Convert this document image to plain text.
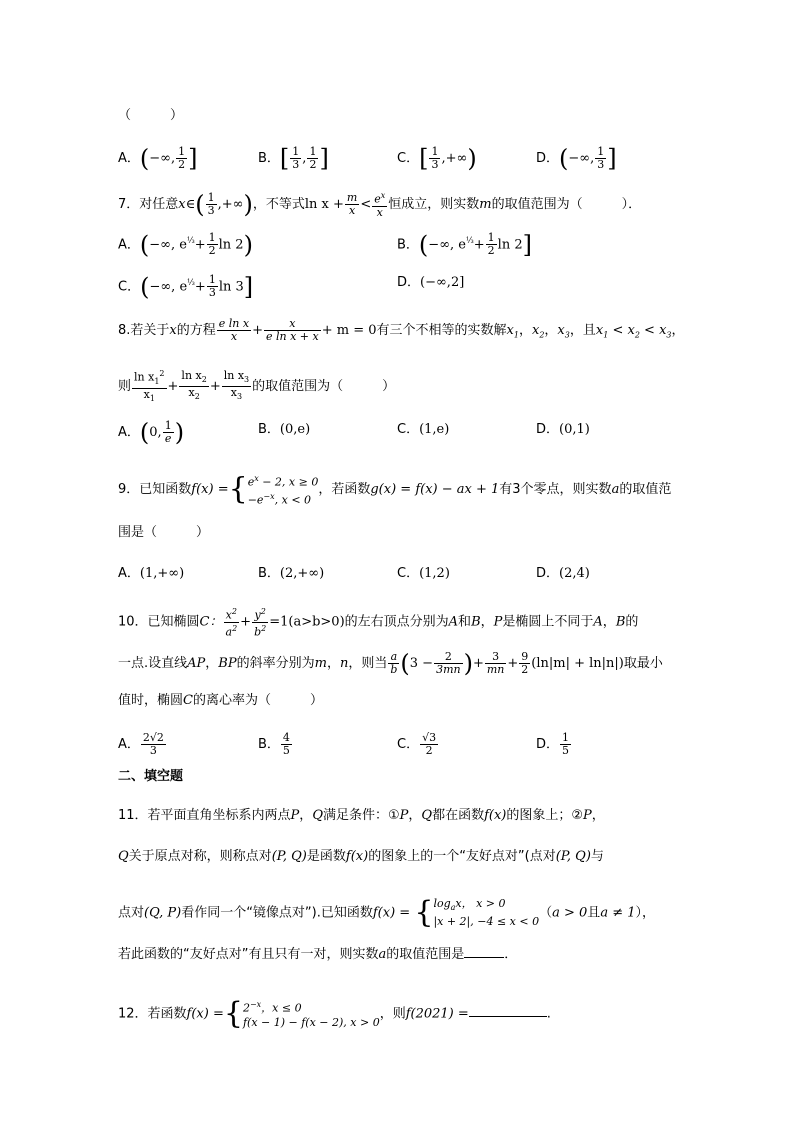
（　　　）
A．(−∞, $\frac{1}{2}$ ]	B．[ $\frac{1}{3}$ , $\frac{1}{2}$ ]	C．[ $\frac{1}{3}$ ,+∞)	D．(−∞, $\frac{1}{3}$ ]
7．对任意x∈( $\frac{1}{3}$ ,+∞)，不等式$\ln x + \frac{m}{x} < \frac{e^x}{x}$ 恒成立，则实数m的取值范围为（　　　）．
A．(−∞, $e^{\frac{1}{3}}+ \frac{1}{2}$ ln 2)	B．(−∞, $e^{\frac{1}{3}}+ \frac{1}{2}$ ln 2]
C．(−∞, $e^{\frac{1}{3}}+ \frac{1}{3}$ ln 3]	D．(−∞,2]
8.若关于x的方程 $\frac{\text{e ln x}}{x} + \frac{x}{\text{e ln x + x}} + m = 0$有三个不相等的实数解$x_1$，$x_2$，$x_3$，且$x_1 < x_2 < x_3$，
则 $\frac{\ln x_1^2}{x_1} + \frac{\ln x_2}{x_2} + \frac{\ln x_3}{x_3}$ 的取值范围为（　　　）
A．(0, $\frac{1}{e}$ )	B．(0,e)	C．(1,e)	D．(0,1)
9．已知函数f(x) ={ $e^x - 2$, x ≥ 0
$-e^{-x}$, x < 0
，若函数g(x) = f(x) − ax + 1有3个零点，则实数a的取值范
围是（　　　）
A．(1,+∞)	B．(2,+∞)	C．(1,2)	D．(2,4)
10．已知椭圆C： $\frac{x^2}{a^2} + \frac{y^2}{b^2} =1(a>b>0)$的左右顶点分别为A和B，P是椭圆上不同于A，B的
一点.设直线AP，BP的斜率分别为m，n，则当 $\frac{a}{b} (3 - \frac{2}{3mn}$ )+ $\frac{3}{mn} + \frac{9}{2} (\ln|m| + \ln|n|)$取最小
值时，椭圆C的离心率为（　　　）
A． $\frac{2√2}{3}$	B． $\frac{4}{5}$	C． $\frac{√3}{2}$	D． $\frac{1}{5}$
二、填空题
11．若平面直角坐标系内两点P，Q满足条件：①P，Q都在函数f(x)的图象上；②P，
Q关于原点对称，则称点对(P, Q)是函数f(x)的图象上的一个“友好点对”(点对(P, Q)与
点对(Q, P)看作同一个“镜像点对”).已知函数f(x) = { $\log_ax$， x > 0
|x + 2|, −4 ≤ x < 0
（a > 0且a ≠ 1），
若此函数的“友好点对”有且只有一对，则实数a的取值范围是	．
12．若函数f(x) ={ $2^{-x}$，x ≤ 0
f(x − 1) − f(x − 2), x > 0
，则f(2021) =	.
